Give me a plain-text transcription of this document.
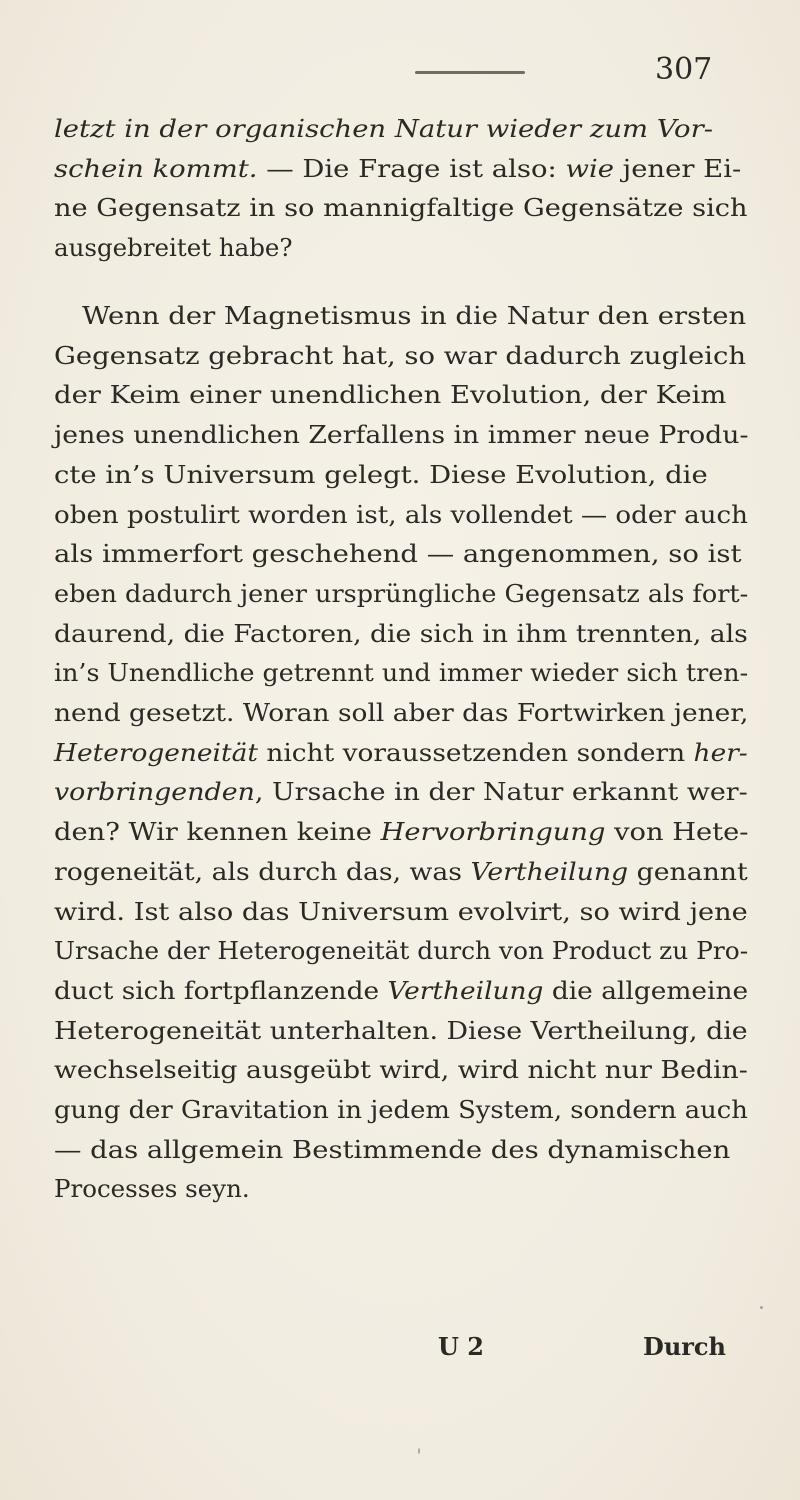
307
letzt in der organischen Natur wieder zum Vor-
schein kommt. — Die Frage ist also: wie jener Ei-
ne Gegensatz in so mannigfaltige Gegensätze sich
ausgebreitet habe?
Wenn der Magnetismus in die Natur den ersten
Gegensatz gebracht hat, so war dadurch zugleich
der Keim einer unendlichen Evolution, der Keim
jenes unendlichen Zerfallens in immer neue Produ-
cte in’s Universum gelegt. Diese Evolution, die
oben postulirt worden ist, als vollendet — oder auch
als immerfort geschehend — angenommen, so ist
eben dadurch jener ursprüngliche Gegensatz als fort-
daurend, die Factoren, die sich in ihm trennten, als
in’s Unendliche getrennt und immer wieder sich tren-
nend gesetzt. Woran soll aber das Fortwirken jener,
Heterogeneität nicht voraussetzenden sondern her-
vorbringenden, Ursache in der Natur erkannt wer-
den? Wir kennen keine Hervorbringung von Hete-
rogeneität, als durch das, was Vertheilung genannt
wird. Ist also das Universum evolvirt, so wird jene
Ursache der Heterogeneität durch von Product zu Pro-
duct sich fortpflanzende Vertheilung die allgemeine
Heterogeneität unterhalten. Diese Vertheilung, die
wechselseitig ausgeübt wird, wird nicht nur Bedin-
gung der Gravitation in jedem System, sondern auch
— das allgemein Bestimmende des dynamischen
Processes seyn.
U 2	Durch
